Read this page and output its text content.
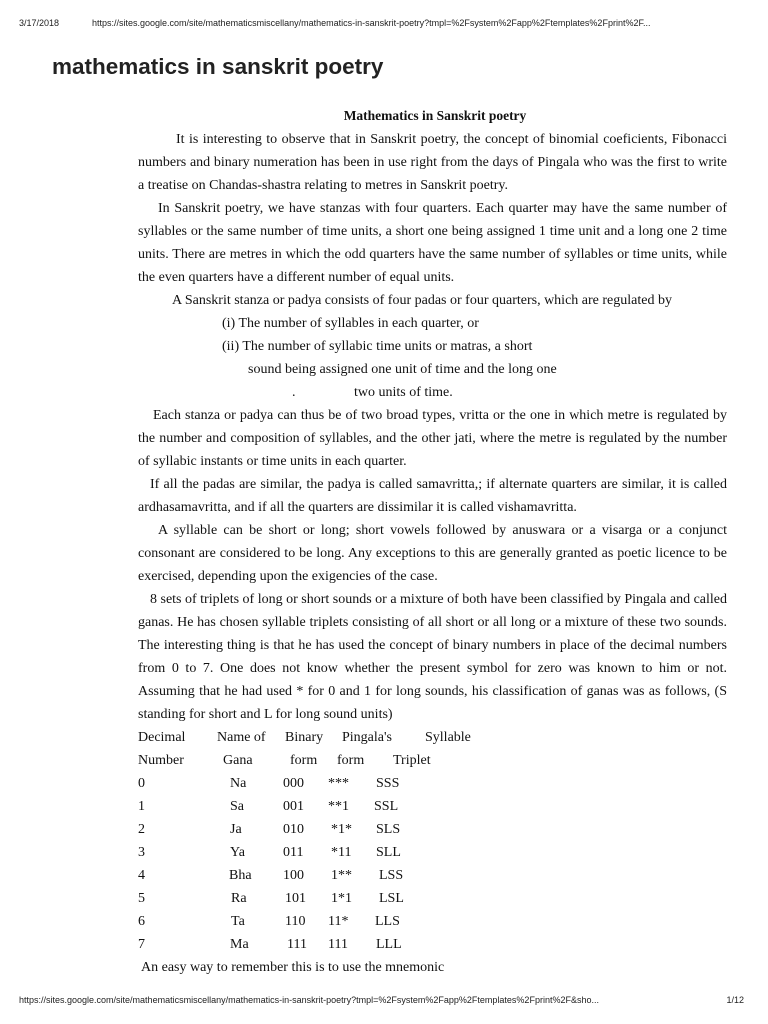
3/17/2018	https://sites.google.com/site/mathematicsmiscellany/mathematics-in-sanskrit-poetry?tmpl=%2Fsystem%2Fapp%2Ftemplates%2Fprint%2F...
mathematics in sanskrit poetry
Mathematics in Sanskrit poetry

It is interesting to observe that in Sanskrit poetry, the concept of binomial coeficients, Fibonacci numbers and binary numeration has been in use right from the days of Pingala who was the first to write a treatise on Chandas-shastra relating to metres in Sanskrit poetry.

In Sanskrit poetry, we have stanzas with four quarters. Each quarter may have the same number of syllables or the same number of time units, a short one being assigned 1 time unit and a long one 2 time units. There are metres in which the odd quarters have the same number of syllables or time units, while the even quarters have a different number of equal units.

A Sanskrit stanza or padya consists of four padas or four quarters, which are regulated by

(i) The number of syllables in each quarter, or

(ii) The number of syllabic time units or matras, a short

sound being assigned one unit of time and the long one

.	two units of time.

Each stanza or padya can thus be of two broad types, vritta or the one in which metre is regulated by the number and composition of syllables, and the other jati, where the metre is regulated by the number of syllabic instants or time units in each quarter.

If all the padas are similar, the padya is called samavritta,; if alternate quarters are similar, it is called ardhasamavritta, and if all the quarters are dissimilar it is called vishamavritta.

A syllable can be short or long; short vowels followed by anuswara or a visarga or a conjunct consonant are considered to be long. Any exceptions to this are generally granted as poetic licence to be exercised, depending upon the exigencies of the case.

8 sets of triplets of long or short sounds or a mixture of both have been classified by Pingala and called ganas. He has chosen syllable triplets consisting of all short or all long or a mixture of these two sounds. The interesting thing is that he has used the concept of binary numbers in place of the decimal numbers from 0 to 7. One does not know whether the present symbol for zero was known to him or not. Assuming that he had used * for 0 and 1 for long sounds, his classification of ganas was as follows, (S standing for short and L for long sound units)

Decimal Name of Binary Pingala's Syllable
Number	Gana	form form Triplet
0	Na	000 *** SSS
1	Sa	001 **1 SSL
2	Ja	010 *1* SLS
3	Ya	011 *11 SLL
4	Bha 100 1** LSS
5	Ra	101 1*1 LSL
6	Ta	110 11* LLS
7	Ma	111 111 LLL

An easy way to remember this is to use the mnemonic

https://sites.google.com/site/mathematicsmiscellany/mathematics-in-sanskrit-poetry?tmpl=%2Fsystem%2Fapp%2Ftemplates%2Fprint%2F&sho...	1/12
